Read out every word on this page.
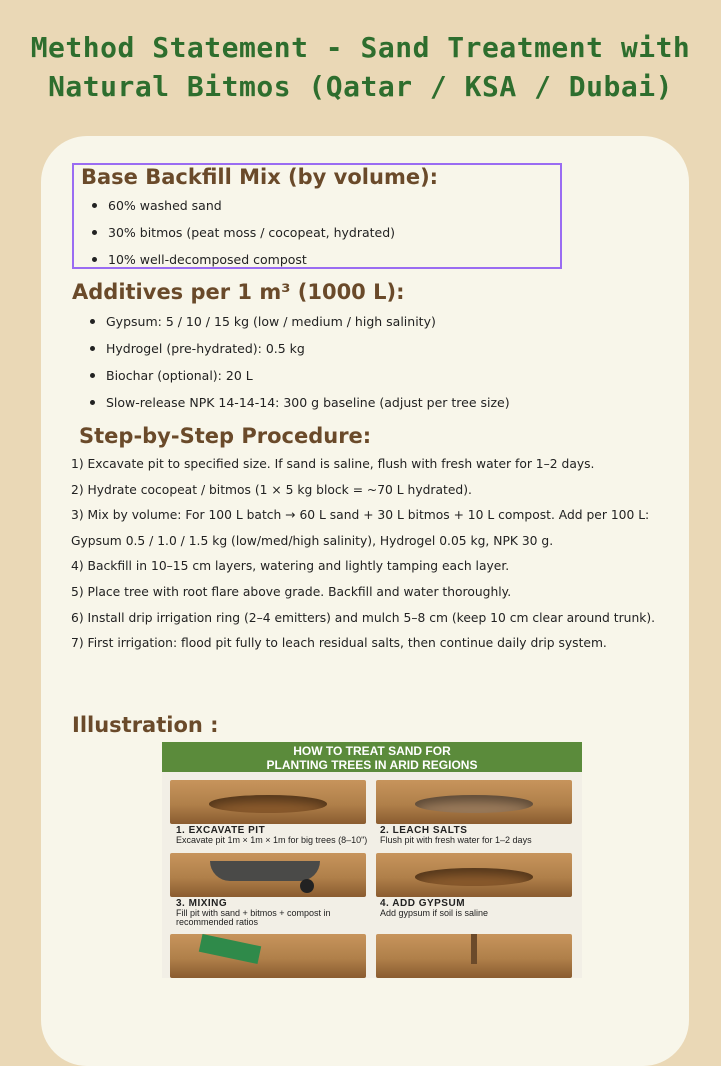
Method Statement - Sand Treatment with
Natural Bitmos (Qatar / KSA / Dubai)
Base Backfill Mix (by volume):
60% washed sand
30% bitmos (peat moss / cocopeat, hydrated)
10% well-decomposed compost
Additives per 1 m³ (1000 L):
Gypsum: 5 / 10 / 15 kg (low / medium / high salinity)
Hydrogel (pre-hydrated): 0.5 kg
Biochar (optional): 20 L
Slow-release NPK 14-14-14: 300 g baseline (adjust per tree size)
Step-by-Step Procedure:

1) Excavate pit to specified size. If sand is saline, flush with fresh water for 1–2 days.

2) Hydrate cocopeat / bitmos (1 × 5 kg block = ~70 L hydrated).

3) Mix by volume: For 100 L batch → 60 L sand + 30 L bitmos + 10 L compost. Add per 100 L: Gypsum 0.5 / 1.0 / 1.5 kg (low/med/high salinity), Hydrogel 0.05 kg, NPK 30 g.

4) Backfill in 10–15 cm layers, watering and lightly tamping each layer.

5) Place tree with root flare above grade. Backfill and water thoroughly.

6) Install drip irrigation ring (2–4 emitters) and mulch 5–8 cm (keep 10 cm clear around trunk).

7) First irrigation: flood pit fully to leach residual salts, then continue daily drip system.

Illustration :
HOW TO TREAT SAND FOR
PLANTING TREES IN ARID REGIONS
1. EXCAVATE PIT
Excavate pit 1m × 1m × 1m for big trees (8–10")
2. LEACH SALTS
Flush pit with fresh water for 1–2 days
3. MIXING
Fill pit with sand + bitmos + compost in recommended ratios
4. ADD GYPSUM
Add gypsum if soil is saline
